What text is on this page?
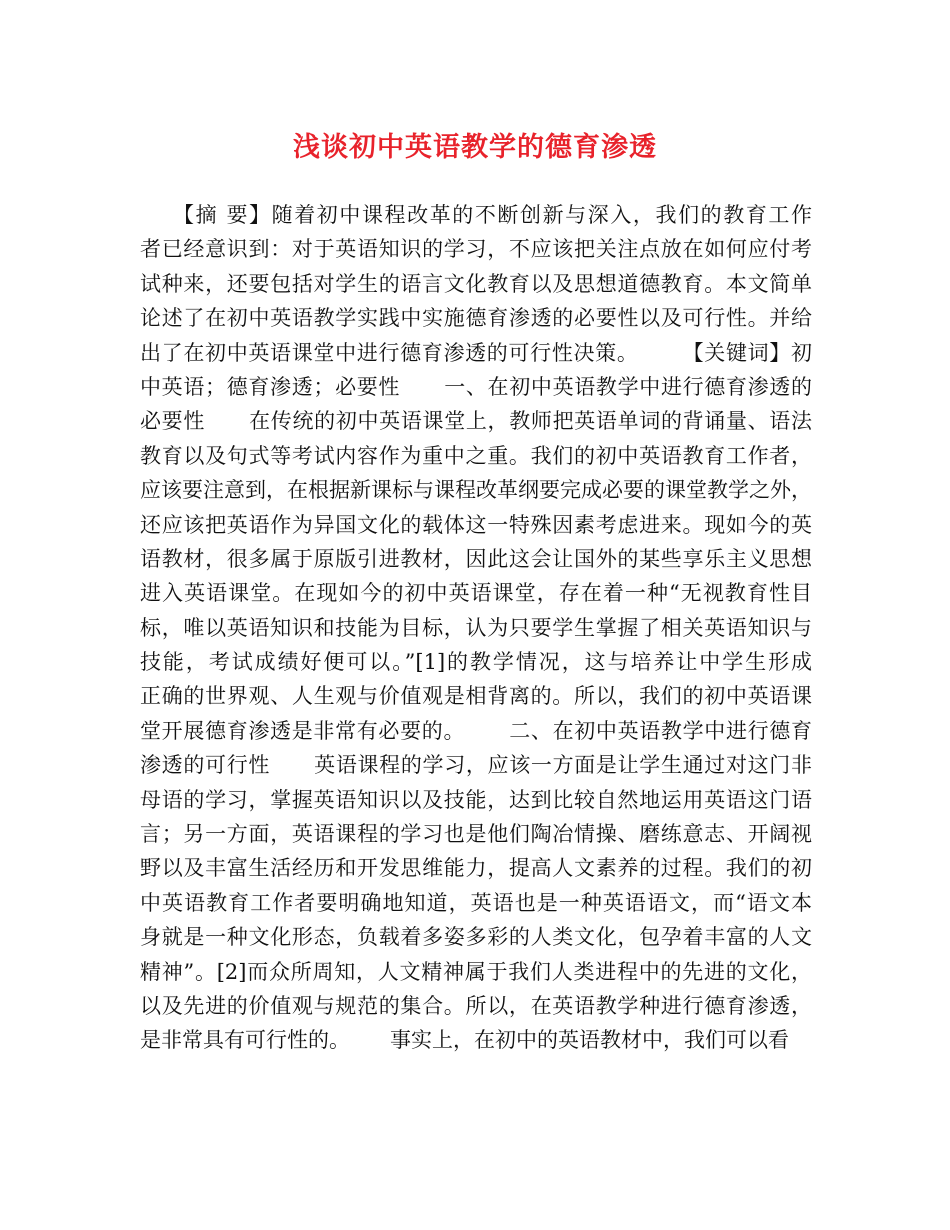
浅谈初中英语教学的德育渗透
【摘 要】随着初中课程改革的不断创新与深入，我们的教育工作
者已经意识到：对于英语知识的学习，不应该把关注点放在如何应付考
试种来，还要包括对学生的语言文化教育以及思想道德教育。本文简单
论述了在初中英语教学实践中实施德育渗透的必要性以及可行性。并给
出了在初中英语课堂中进行德育渗透的可行性决策。      【关键词】初
中英语；德育渗透；必要性      一、在初中英语教学中进行德育渗透的
必要性      在传统的初中英语课堂上，教师把英语单词的背诵量、语法
教育以及句式等考试内容作为重中之重。我们的初中英语教育工作者，
应该要注意到，在根据新课标与课程改革纲要完成必要的课堂教学之外，
还应该把英语作为异国文化的载体这一特殊因素考虑进来。现如今的英
语教材，很多属于原版引进教材，因此这会让国外的某些享乐主义思想
进入英语课堂。在现如今的初中英语课堂，存在着一种“无视教育性目
标，唯以英语知识和技能为目标，认为只要学生掌握了相关英语知识与
技能，考试成绩好便可以。”[1]的教学情况，这与培养让中学生形成
正确的世界观、人生观与价值观是相背离的。所以，我们的初中英语课
堂开展德育渗透是非常有必要的。      二、在初中英语教学中进行德育
渗透的可行性      英语课程的学习，应该一方面是让学生通过对这门非
母语的学习，掌握英语知识以及技能，达到比较自然地运用英语这门语
言；另一方面，英语课程的学习也是他们陶冶情操、磨练意志、开阔视
野以及丰富生活经历和开发思维能力，提高人文素养的过程。我们的初
中英语教育工作者要明确地知道，英语也是一种英语语文，而“语文本
身就是一种文化形态，负载着多姿多彩的人类文化，包孕着丰富的人文
精神”。[2]而众所周知，人文精神属于我们人类进程中的先进的文化，
以及先进的价值观与规范的集合。所以，在英语教学种进行德育渗透，
是非常具有可行性的。      事实上，在初中的英语教材中，我们可以看
